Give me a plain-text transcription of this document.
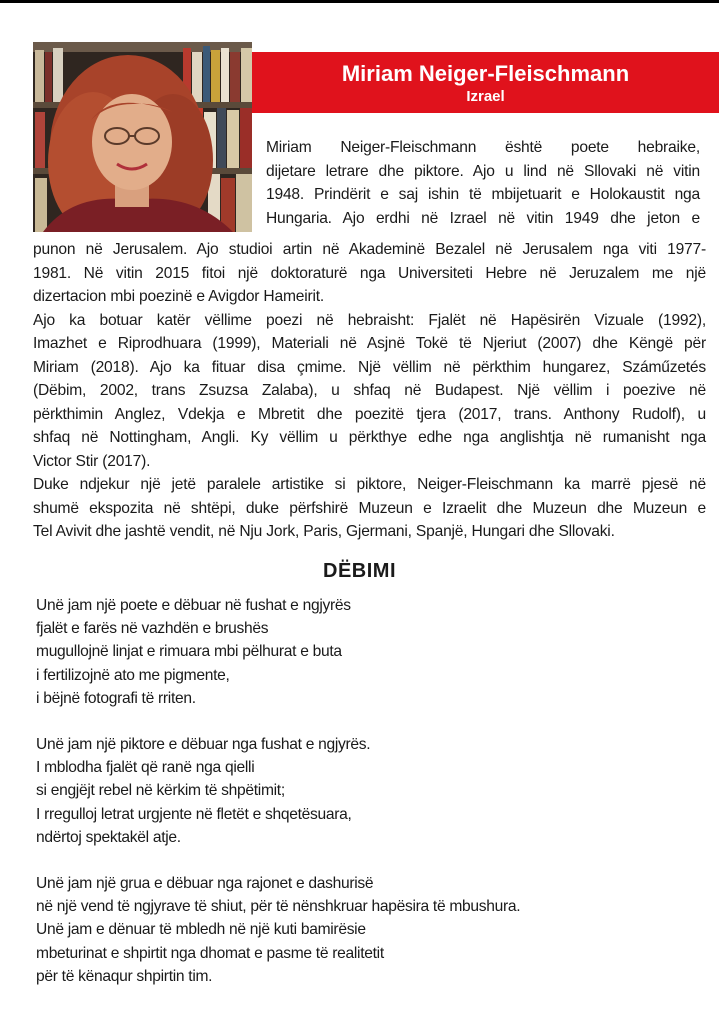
Miriam Neiger-Fleischmann
Izrael
Miriam Neiger-Fleischmann është poete hebraike,
dijetare letrare dhe piktore. Ajo u lind në Sllovaki në vitin
1948. Prindërit e saj ishin të mbijetuarit e Holokaustit nga
Hungaria. Ajo erdhi në Izrael në vitin 1949 dhe jeton e
punon në Jerusalem. Ajo studioi artin në Akademinë Bezalel në Jerusalem nga viti 1977-
1981. Në vitin 2015 fitoi një doktoraturë nga Universiteti Hebre në Jeruzalem me një
dizertacion mbi poezinë e Avigdor Hameirit.
Ajo ka botuar katër vëllime poezi në hebraisht: Fjalët në Hapësirën Vizuale (1992),
Imazhet e Riprodhuara (1999), Materiali në Asjnë Tokë të Njeriut (2007) dhe Këngë për
Miriam (2018). Ajo ka fituar disa çmime. Një vëllim në përkthim hungarez, Száműzetés
(Dëbim, 2002, trans Zsuzsa Zalaba), u shfaq në Budapest. Një vëllim i poezive në
përkthimin Anglez, Vdekja e Mbretit dhe poezitë tjera (2017, trans. Anthony Rudolf), u
shfaq në Nottingham, Angli. Ky vëllim u përkthye edhe nga anglishtja në rumanisht nga
Victor Stir (2017).
Duke ndjekur një jetë paralele artistike si piktore, Neiger-Fleischmann ka marrë pjesë në
shumë ekspozita në shtëpi, duke përfshirë Muzeun e Izraelit dhe Muzeun dhe Muzeun e
Tel Avivit dhe jashtë vendit, në Nju Jork, Paris, Gjermani, Spanjë, Hungari dhe Sllovaki.
DËBIMI
Unë jam një poete e dëbuar në fushat e ngjyrës
fjalët e farës në vazhdën e brushës
mugullojnë linjat e rimuara mbi pëlhurat e buta
i fertilizojnë ato me pigmente,
i bëjnë fotografi të rriten.
Unë jam një piktore e dëbuar nga fushat e ngjyrës.
I mblodha fjalët që ranë nga qielli
si engjëjt rebel në kërkim të shpëtimit;
I rregulloj letrat urgjente në fletët e shqetësuara,
ndërtoj spektakël atje.
Unë jam një grua e dëbuar nga rajonet e dashurisë
në një vend të ngjyrave të shiut, për të nënshkruar hapësira të mbushura.
Unë jam e dënuar të mbledh në një kuti bamirësie
mbeturinat e shpirtit nga dhomat e pasme të realitetit
për të kënaqur shpirtin tim.
